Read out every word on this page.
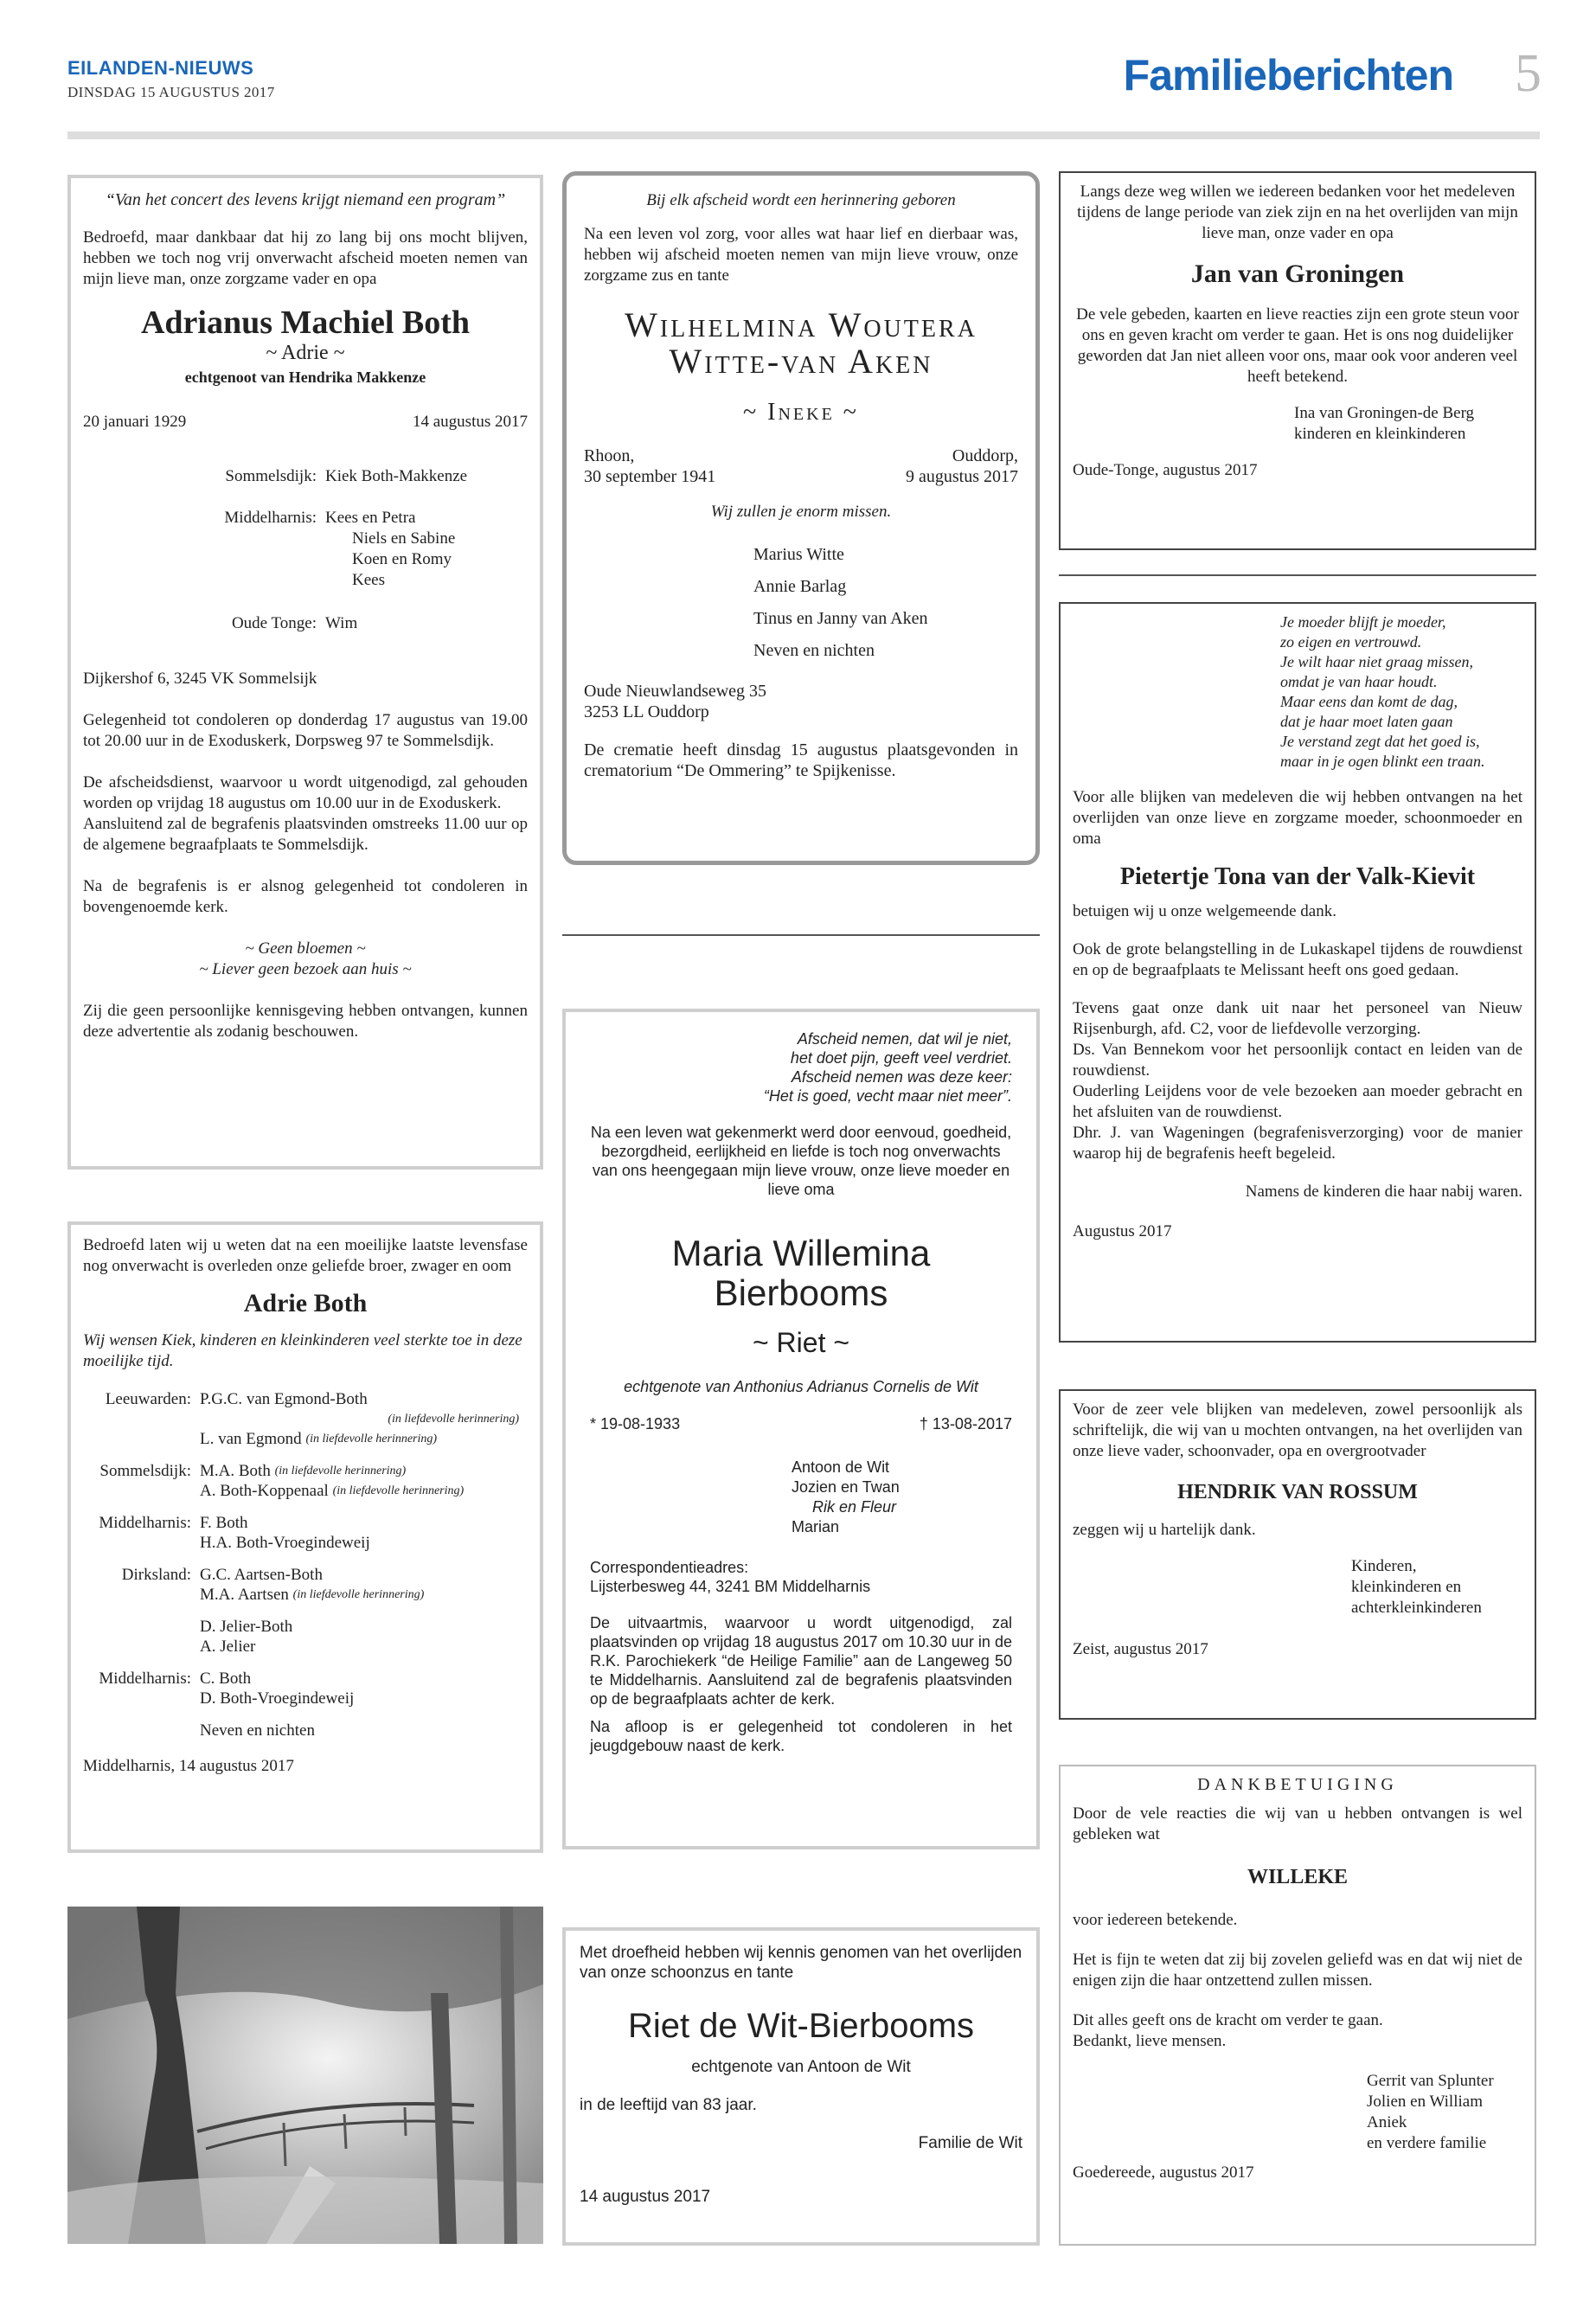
EILANDEN-NIEUWS
DINSDAG 15 AUGUSTUS 2017	Familieberichten	5

“Van het concert des levens krijgt niemand een program”

Bedroefd, maar dankbaar dat hij zo lang bij ons mocht blijven, hebben we toch nog vrij onverwacht afscheid moeten nemen van mijn lieve man, onze zorgzame vader en opa

Adrianus Machiel Both

~ Adrie ~

echtgenoot van Hendrika Makkenze

20 januari 1929	14 augustus 2017
Sommelsdijk: Kiek Both-Makkenze
Middelharnis: Kees en Petra
Niels en Sabine
Koen en Romy
Kees
Oude Tonge: Wim

Dijkershof 6, 3245 VK Sommelsijk

Gelegenheid tot condoleren op donderdag 17 augustus van 19.00 tot 20.00 uur in de Exoduskerk, Dorpsweg 97 te Sommelsdijk.

De afscheidsdienst, waarvoor u wordt uitgenodigd, zal gehouden worden op vrijdag 18 augustus om 10.00 uur in de Exoduskerk.

Aansluitend zal de begrafenis plaatsvinden omstreeks 11.00 uur op de algemene begraafplaats te Sommelsdijk.

Na de begrafenis is er alsnog gelegenheid tot condoleren in bovengenoemde kerk.

~ Geen bloemen ~

~ Liever geen bezoek aan huis ~

Zij die geen persoonlijke kennisgeving hebben ontvangen, kunnen deze advertentie als zodanig beschouwen.

Bedroefd laten wij u weten dat na een moeilijke laatste levensfase nog onverwacht is overleden onze geliefde broer, zwager en oom

Adrie Both

Wij wensen Kiek, kinderen en kleinkinderen veel sterkte toe in deze moeilijke tijd.

Leeuwarden: P.G.C. van Egmond-Both
(in liefdevolle herinnering)
L. van Egmond
(in liefdevolle herinnering)
Sommelsdijk: M.A. Both
(in liefdevolle herinnering)
A. Both-Koppenaal
(in liefdevolle herinnering)
Middelharnis: F. Both
H.A. Both-Vroegindeweij
Dirksland: G.C. Aartsen-Both
M.A. Aartsen
(in liefdevolle herinnering)
D. Jelier-Both
A. Jelier
Middelharnis: C. Both
D. Both-Vroegindeweij
Neven en nichten

Middelharnis, 14 augustus 2017

Bij elk afscheid wordt een herinnering geboren

Na een leven vol zorg, voor alles wat haar lief en dierbaar was, hebben wij afscheid moeten nemen van mijn lieve vrouw, onze zorgzame zus en tante

Wilhelmina Woutera

Witte-van Aken

~ Ineke ~

Rhoon,

30 september 1941

Ouddorp,

9 augustus 2017

Wij zullen je enorm missen.

Marius Witte

Annie Barlag

Tinus en Janny van Aken

Neven en nichten

Oude Nieuwlandseweg 35

3253 LL Ouddorp

De crematie heeft dinsdag 15 augustus plaatsgevonden in crematorium “De Ommering” te Spijkenisse.

Afscheid nemen, dat wil je niet,

het doet pijn, geeft veel verdriet.

Afscheid nemen was deze keer:

“Het is goed, vecht maar niet meer”.

Na een leven wat gekenmerkt werd door eenvoud, goedheid, bezorgdheid, eerlijkheid en liefde is toch nog onverwachts van ons heengegaan mijn lieve vrouw, onze lieve moeder en lieve oma

Maria Willemina

Bierbooms

~ Riet ~

echtgenote van Anthonius Adrianus Cornelis de Wit

* 19-08-1933	† 13-08-2017

Antoon de Wit

Jozien en Twan

Rik en Fleur

Marian

Correspondentieadres:

Lijsterbesweg 44, 3241 BM Middelharnis

De uitvaartmis, waarvoor u wordt uitgenodigd, zal plaatsvinden op vrijdag 18 augustus 2017 om 10.30 uur in de R.K. Parochiekerk “de Heilige Familie” aan de Langeweg 50 te Middelharnis. Aansluitend zal de begrafenis plaatsvinden op de begraafplaats achter de kerk.

Na afloop is er gelegenheid tot condoleren in het jeugdgebouw naast de kerk.

Met droefheid hebben wij kennis genomen van het overlijden van onze schoonzus en tante

Riet de Wit-Bierbooms

echtgenote van Antoon de Wit

in de leeftijd van 83 jaar.

Familie de Wit

14 augustus 2017

Langs deze weg willen we iedereen bedanken voor het medeleven tijdens de lange periode van ziek zijn en na het overlijden van mijn lieve man, onze vader en opa

Jan van Groningen

De vele gebeden, kaarten en lieve reacties zijn een grote steun voor ons en geven kracht om verder te gaan. Het is ons nog duidelijker geworden dat Jan niet alleen voor ons, maar ook voor anderen veel heeft betekend.

Ina van Groningen-de Berg

kinderen en kleinkinderen

Oude-Tonge, augustus 2017

Je moeder blijft je moeder,

zo eigen en vertrouwd.

Je wilt haar niet graag missen,

omdat je van haar houdt.

Maar eens dan komt de dag,

dat je haar moet laten gaan

Je verstand zegt dat het goed is,

maar in je ogen blinkt een traan.

Voor alle blijken van medeleven die wij hebben ontvangen na het overlijden van onze lieve en zorgzame moeder, schoonmoeder en oma

Pietertje Tona van der Valk-Kievit

betuigen wij u onze welgemeende dank.

Ook de grote belangstelling in de Lukaskapel tijdens de rouwdienst en op de begraafplaats te Melissant heeft ons goed gedaan.

Tevens gaat onze dank uit naar het personeel van Nieuw Rijsenburgh, afd. C2, voor de liefdevolle verzorging.

Ds. Van Bennekom voor het persoonlijk contact en leiden van de rouwdienst.

Ouderling Leijdens voor de vele bezoeken aan moeder gebracht en het afsluiten van de rouwdienst.

Dhr. J. van Wageningen (begrafenisverzorging) voor de manier waarop hij de begrafenis heeft begeleid.

Namens de kinderen die haar nabij waren.

Augustus 2017

Voor de zeer vele blijken van medeleven, zowel persoonlijk als schriftelijk, die wij van u mochten ontvangen, na het overlijden van onze lieve vader, schoonvader, opa en overgrootvader

HENDRIK VAN ROSSUM

zeggen wij u hartelijk dank.

Kinderen,

kleinkinderen en

achterkleinkinderen

Zeist, augustus 2017

DANKBETUIGING

Door de vele reacties die wij van u hebben ontvangen is wel gebleken wat

WILLEKE

voor iedereen betekende.

Het is fijn te weten dat zij bij zovelen geliefd was en dat wij niet de enigen zijn die haar ontzettend zullen missen.

Dit alles geeft ons de kracht om verder te gaan.

Bedankt, lieve mensen.

Gerrit van Splunter

Jolien en William

Aniek

en verdere familie

Goedereede, augustus 2017
